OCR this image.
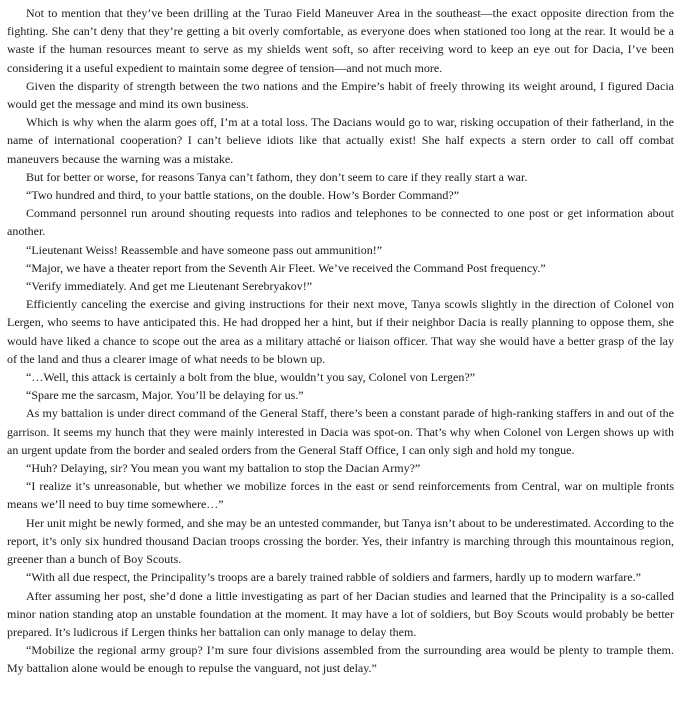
Not to mention that they’ve been drilling at the Turao Field Maneuver Area in the southeast—the exact opposite direction from the fighting. She can’t deny that they’re getting a bit overly comfortable, as everyone does when stationed too long at the rear. It would be a waste if the human resources meant to serve as my shields went soft, so after receiving word to keep an eye out for Dacia, I’ve been considering it a useful expedient to maintain some degree of tension—and not much more.

Given the disparity of strength between the two nations and the Empire’s habit of freely throwing its weight around, I figured Dacia would get the message and mind its own business.

Which is why when the alarm goes off, I’m at a total loss. The Dacians would go to war, risking occupation of their fatherland, in the name of international cooperation? I can’t believe idiots like that actually exist! She half expects a stern order to call off combat maneuvers because the warning was a mistake.

But for better or worse, for reasons Tanya can’t fathom, they don’t seem to care if they really start a war.

“Two hundred and third, to your battle stations, on the double. How’s Border Command?”

Command personnel run around shouting requests into radios and telephones to be connected to one post or get information about another.

“Lieutenant Weiss! Reassemble and have someone pass out ammunition!”

“Major, we have a theater report from the Seventh Air Fleet. We’ve received the Command Post frequency.”

“Verify immediately. And get me Lieutenant Serebryakov!”

Efficiently canceling the exercise and giving instructions for their next move, Tanya scowls slightly in the direction of Colonel von Lergen, who seems to have anticipated this. He had dropped her a hint, but if their neighbor Dacia is really planning to oppose them, she would have liked a chance to scope out the area as a military attaché or liaison officer. That way she would have a better grasp of the lay of the land and thus a clearer image of what needs to be blown up.

“…Well, this attack is certainly a bolt from the blue, wouldn’t you say, Colonel von Lergen?”

“Spare me the sarcasm, Major. You’ll be delaying for us.”

As my battalion is under direct command of the General Staff, there’s been a constant parade of high-ranking staffers in and out of the garrison. It seems my hunch that they were mainly interested in Dacia was spot-on. That’s why when Colonel von Lergen shows up with an urgent update from the border and sealed orders from the General Staff Office, I can only sigh and hold my tongue.

“Huh? Delaying, sir? You mean you want my battalion to stop the Dacian Army?”

“I realize it’s unreasonable, but whether we mobilize forces in the east or send reinforcements from Central, war on multiple fronts means we’ll need to buy time somewhere…”

Her unit might be newly formed, and she may be an untested commander, but Tanya isn’t about to be underestimated. According to the report, it’s only six hundred thousand Dacian troops crossing the border. Yes, their infantry is marching through this mountainous region, greener than a bunch of Boy Scouts.

“With all due respect, the Principality’s troops are a barely trained rabble of soldiers and farmers, hardly up to modern warfare.”

After assuming her post, she’d done a little investigating as part of her Dacian studies and learned that the Principality is a so-called minor nation standing atop an unstable foundation at the moment. It may have a lot of soldiers, but Boy Scouts would probably be better prepared. It’s ludicrous if Lergen thinks her battalion can only manage to delay them.

“Mobilize the regional army group? I’m sure four divisions assembled from the surrounding area would be plenty to trample them. My battalion alone would be enough to repulse the vanguard, not just delay.”
